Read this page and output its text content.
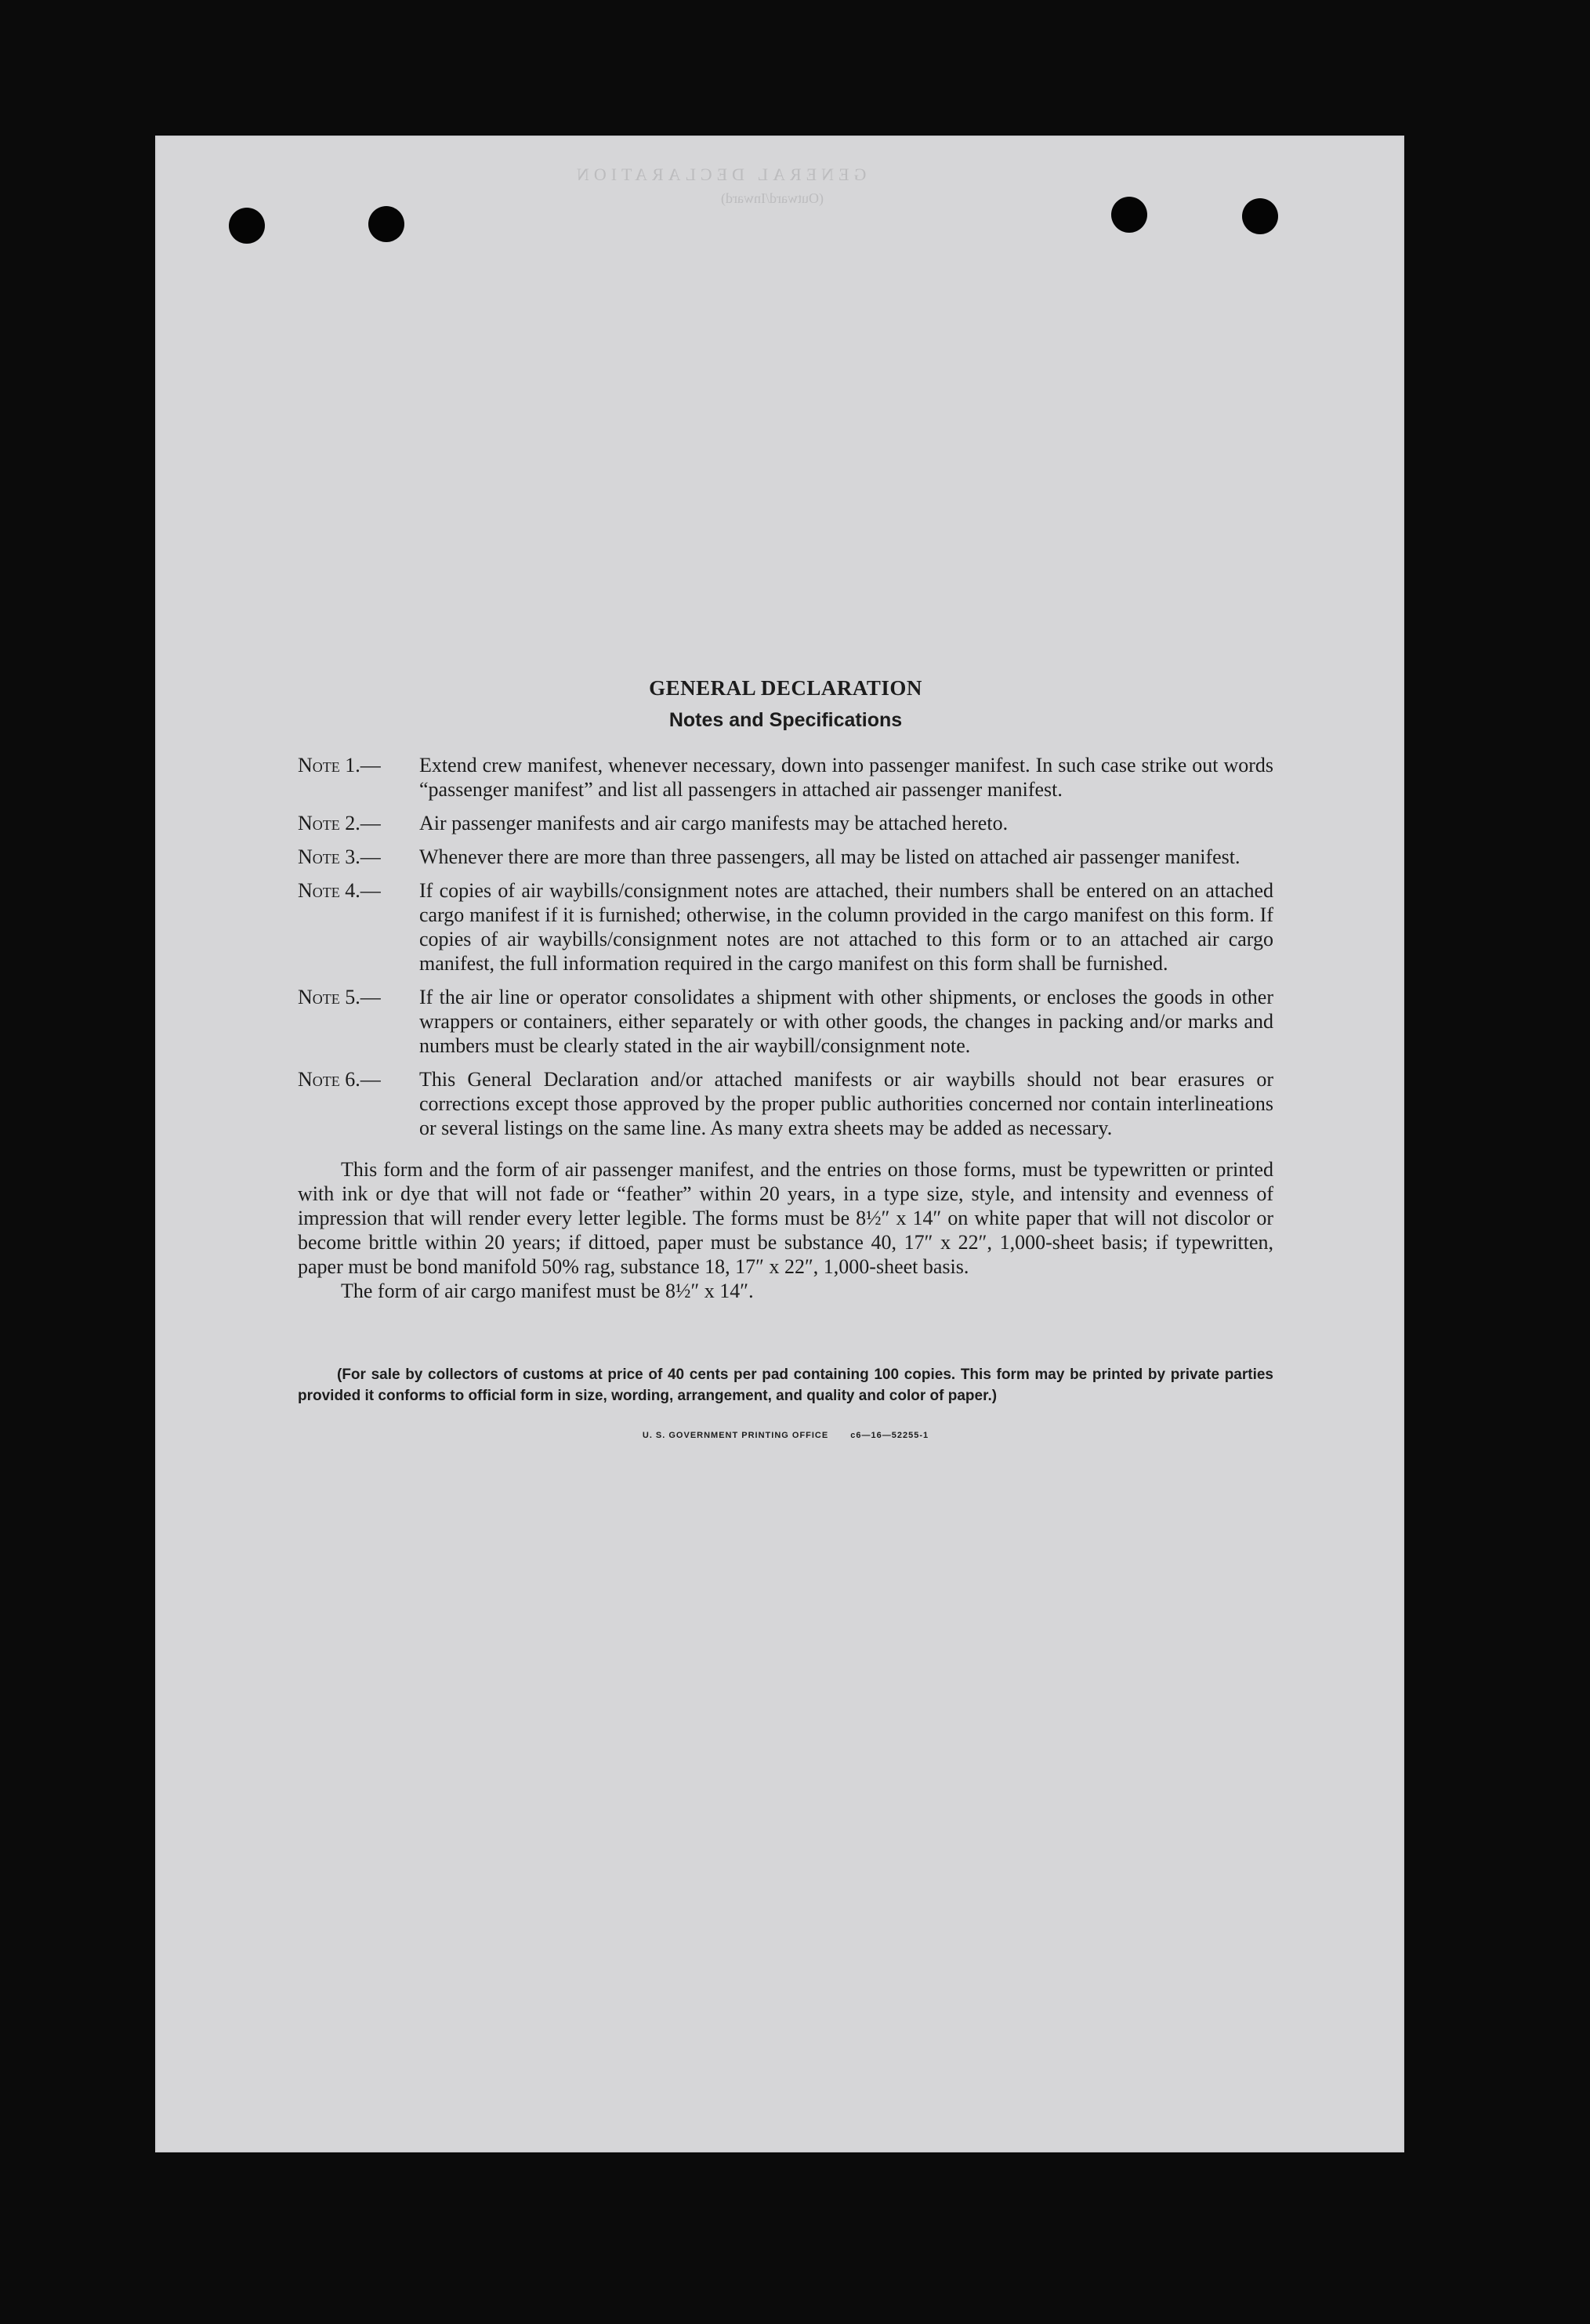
GENERAL DECLARATION
(Outward/Inward)

GENERAL DECLARATION

Notes and Specifications

Note 1.—	Extend crew manifest, whenever necessary, down into passenger manifest. In such case strike out words “passenger manifest” and list all passengers in attached air passenger manifest.
Note 2.—	Air passenger manifests and air cargo manifests may be attached hereto.
Note 3.—	Whenever there are more than three passengers, all may be listed on attached air passenger manifest.
Note 4.—	If copies of air waybills/consignment notes are attached, their numbers shall be entered on an attached cargo manifest if it is furnished; otherwise, in the column provided in the cargo manifest on this form. If copies of air waybills/consignment notes are not attached to this form or to an attached air cargo manifest, the full information required in the cargo manifest on this form shall be furnished.
Note 5.—	If the air line or operator consolidates a shipment with other shipments, or encloses the goods in other wrappers or containers, either separately or with other goods, the changes in packing and/or marks and numbers must be clearly stated in the air waybill/consignment note.
Note 6.—	This General Declaration and/or attached manifests or air waybills should not bear erasures or corrections except those approved by the proper public authorities concerned nor contain interlineations or several listings on the same line. As many extra sheets may be added as necessary.

This form and the form of air passenger manifest, and the entries on those forms, must be typewritten or printed with ink or dye that will not fade or “feather” within 20 years, in a type size, style, and intensity and evenness of impression that will render every letter legible. The forms must be 8½″ x 14″ on white paper that will not discolor or become brittle within 20 years; if dittoed, paper must be substance 40, 17″ x 22″, 1,000-sheet basis; if typewritten, paper must be bond manifold 50% rag, substance 18, 17″ x 22″, 1,000-sheet basis.

The form of air cargo manifest must be 8½″ x 14″.

(For sale by collectors of customs at price of 40 cents per pad containing 100 copies. This form may be printed by private parties provided it conforms to official form in size, wording, arrangement, and quality and color of paper.)

U. S. GOVERNMENT PRINTING OFFICE	c6—16—52255-1
